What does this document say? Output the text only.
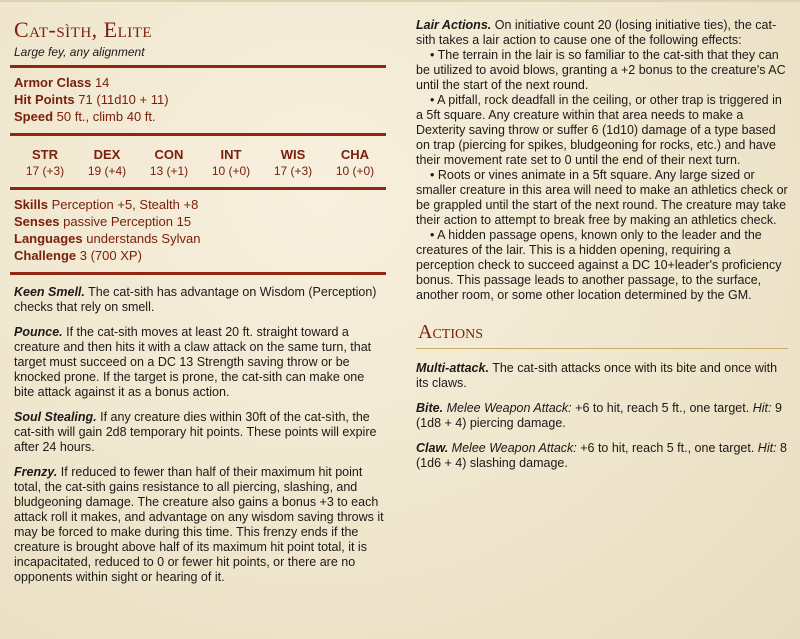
Cat-sìth, Elite
Large fey, any alignment
Armor Class 14
Hit Points 71 (11d10 + 11)
Speed 50 ft., climb 40 ft.
STR
17 (+3)
DEX
19 (+4)
CON
13 (+1)
INT
10 (+0)
WIS
17 (+3)
CHA
10 (+0)
Skills Perception +5, Stealth +8
Senses passive Perception 15
Languages understands Sylvan
Challenge 3 (700 XP)

Keen Smell. The cat-sith has advantage on Wisdom (Perception) checks that rely on smell.

Pounce. If the cat-sith moves at least 20 ft. straight toward a creature and then hits it with a claw attack on the same turn, that target must succeed on a DC 13 Strength saving throw or be knocked prone. If the target is prone, the cat-sith can make one bite attack against it as a bonus action.

Soul Stealing. If any creature dies within 30ft of the cat-sìth, the cat-sith will gain 2d8 temporary hit points. These points will expire after 24 hours.

Frenzy. If reduced to fewer than half of their maximum hit point total, the cat-sith gains resistance to all piercing, slashing, and bludgeoning damage. The creature also gains a bonus +3 to each attack roll it makes, and advantage on any wisdom saving throws it may be forced to make during this time. This frenzy ends if the creature is brought above half of its maximum hit point total, it is incapacitated, reduced to 0 or fewer hit points, or there are no opponents within sight or hearing of it.

Lair Actions. On initiative count 20 (losing initiative ties), the cat-sith takes a lair action to cause one of the following effects:

• The terrain in the lair is so familiar to the cat-sith that they can be utilized to avoid blows, granting a +2 bonus to the creature's AC until the start of the next round.

• A pitfall, rock deadfall in the ceiling, or other trap is triggered in a 5ft square. Any creature within that area needs to make a Dexterity saving throw or suffer 6 (1d10) damage of a type based on trap (piercing for spikes, bludgeoning for rocks, etc.) and have their movement rate set to 0 until the end of their next turn.

• Roots or vines animate in a 5ft square. Any large sized or smaller creature in this area will need to make an athletics check or be grappled until the start of the next round. The creature may take their action to attempt to break free by making an athletics check.

• A hidden passage opens, known only to the leader and the creatures of the lair. This is a hidden opening, requiring a perception check to succeed against a DC 10+leader's proficiency bonus. This passage leads to another passage, to the surface, another room, or some other location determined by the GM.

Actions

Multi-attack. The cat-sith attacks once with its bite and once with its claws.

Bite. Melee Weapon Attack: +6 to hit, reach 5 ft., one target. Hit: 9 (1d8 + 4) piercing damage.

Claw. Melee Weapon Attack: +6 to hit, reach 5 ft., one target. Hit: 8 (1d6 + 4) slashing damage.
